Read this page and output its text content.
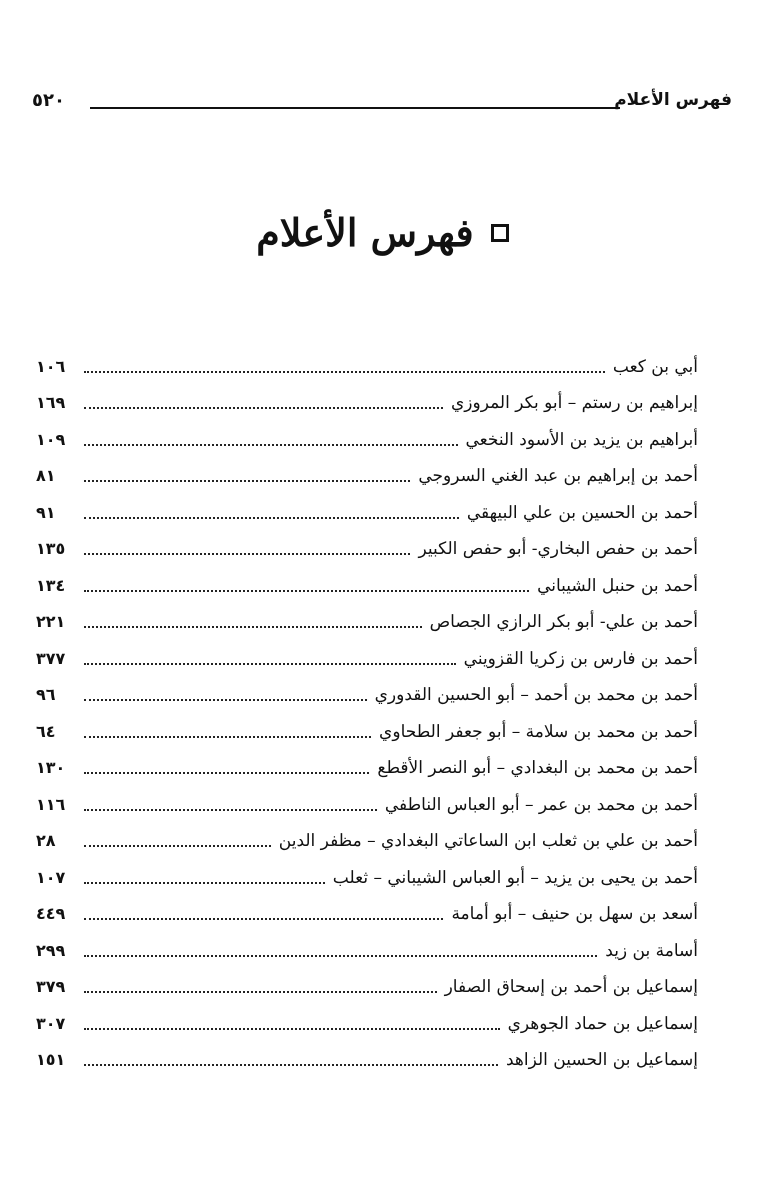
٥٢٠	فهرس الأعلام
فهرس الأعلام
أبي بن كعب
١٠٦
إبراهيم بن رستم – أبو بكر المروزي
١٦٩
أبراهيم بن يزيد بن الأسود النخعي
١٠٩
أحمد بن إبراهيم بن عبد الغني السروجي
٨١
أحمد بن الحسين بن علي البيهقي
٩١
أحمد بن حفص البخاري- أبو حفص الكبير
١٣٥
أحمد بن حنبل الشيباني
١٣٤
أحمد بن علي- أبو بكر الرازي الجصاص
٢٢١
أحمد بن فارس بن زكريا القزويني
٣٧٧
أحمد بن محمد بن أحمد – أبو الحسين القدوري
٩٦
أحمد بن محمد بن سلامة – أبو جعفر الطحاوي
٦٤
أحمد بن محمد بن البغدادي – أبو النصر الأقطع
١٣٠
أحمد بن محمد بن عمر – أبو العباس الناطفي
١١٦
أحمد بن علي بن ثعلب ابن الساعاتي البغدادي – مظفر الدين
٢٨
أحمد بن يحيى بن يزيد – أبو العباس الشيباني – ثعلب
١٠٧
أسعد بن سهل بن حنيف – أبو أمامة
٤٤٩
أسامة بن زيد
٢٩٩
إسماعيل بن أحمد بن إسحاق الصفار
٣٧٩
إسماعيل بن حماد الجوهري
٣٠٧
إسماعيل بن الحسين الزاهد
١٥١
